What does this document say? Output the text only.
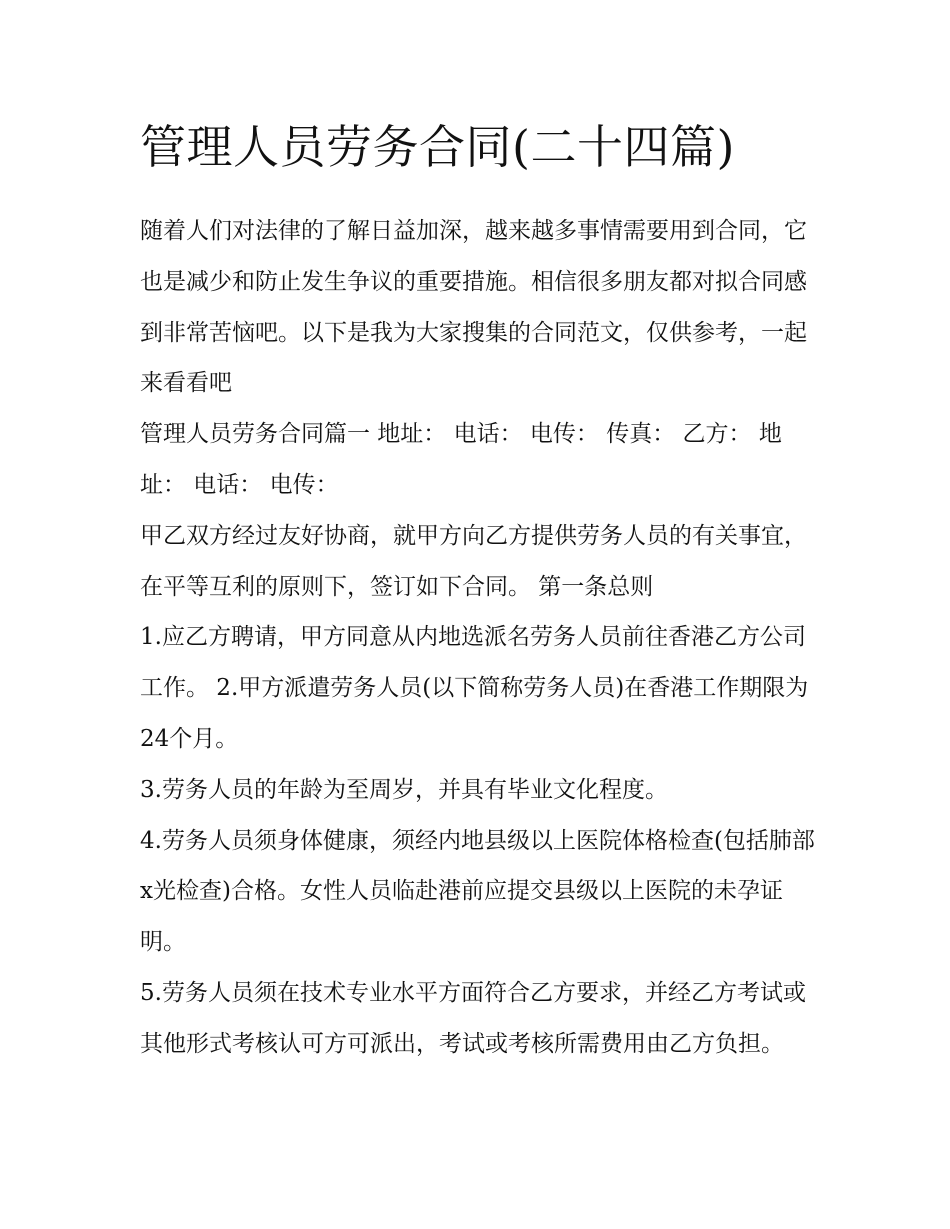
管理人员劳务合同(二十四篇)

随着人们对法律的了解日益加深，越来越多事情需要用到合同，它也是减少和防止发生争议的重要措施。相信很多朋友都对拟合同感到非常苦恼吧。以下是我为大家搜集的合同范文，仅供参考，一起来看看吧

管理人员劳务合同篇一 地址： 电话： 电传： 传真： 乙方： 地址： 电话： 电传：

甲乙双方经过友好协商，就甲方向乙方提供劳务人员的有关事宜，在平等互利的原则下，签订如下合同。 第一条总则

1.应乙方聘请，甲方同意从内地选派名劳务人员前往香港乙方公司工作。 2.甲方派遣劳务人员(以下简称劳务人员)在香港工作期限为24个月。

3.劳务人员的年龄为至周岁，并具有毕业文化程度。

4.劳务人员须身体健康，须经内地县级以上医院体格检查(包括肺部x光检查)合格。女性人员临赴港前应提交县级以上医院的未孕证明。

5.劳务人员须在技术专业水平方面符合乙方要求，并经乙方考试或其他形式考核认可方可派出，考试或考核所需费用由乙方负担。
